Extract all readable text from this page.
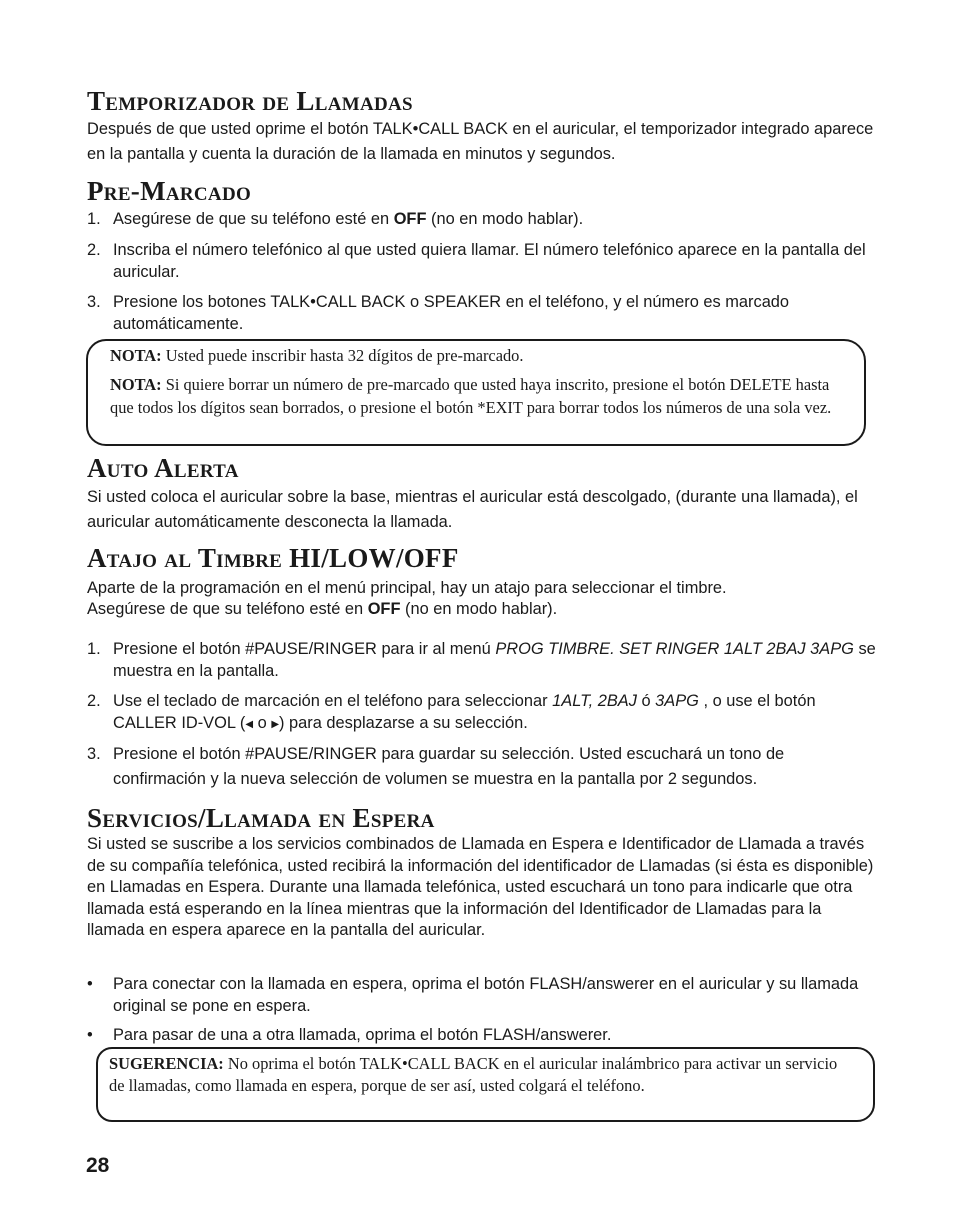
Temporizador de Llamadas

Después de que usted oprime el botón TALK•CALL BACK en el auricular, el temporizador integrado aparece en la pantalla y cuenta la duración de la llamada en minutos y segundos.

Pre-Marcado
1. Asegúrese de que su teléfono esté en OFF (no en modo hablar).
2. Inscriba el número telefónico al que usted quiera llamar. El número telefónico aparece en la pantalla del auricular.
3. Presione los botones TALK•CALL BACK o SPEAKER en el teléfono, y el número es marcado automáticamente.

NOTA: Usted puede inscribir hasta 32 dígitos de pre-marcado.

NOTA: Si quiere borrar un número de pre-marcado que usted haya inscrito, presione el botón DELETE hasta que todos los dígitos sean borrados, o presione el botón *EXIT para borrar todos los números de una sola vez.

Auto Alerta

Si usted coloca el auricular sobre la base, mientras el auricular está descolgado, (durante una llamada), el auricular automáticamente desconecta la llamada.

Atajo al Timbre HI/LOW/OFF

Aparte de la programación en el menú principal, hay un atajo para seleccionar el timbre.

Asegúrese de que su teléfono esté en OFF (no en modo hablar).

1. Presione el botón #PAUSE/RINGER para ir al menú PROG TIMBRE. SET RINGER 1ALT 2BAJ 3APG se muestra en la pantalla.
2. Use el teclado de marcación en el teléfono para seleccionar 1ALT, 2BAJ ó 3APG , o use el botón CALLER ID-VOL (◀ o ▶) para desplazarse a su selección.
3. Presione el botón #PAUSE/RINGER para guardar su selección. Usted escuchará un tono de confirmación y la nueva selección de volumen se muestra en la pantalla por 2 segundos.
Servicios/Llamada en Espera

Si usted se suscribe a los servicios combinados de Llamada en Espera e Identificador de Llamada a través de su compañía telefónica, usted recibirá la información del identificador de Llamadas (si ésta es disponible) en Llamadas en Espera. Durante una llamada telefónica, usted escuchará un tono para indicarle que otra llamada está esperando en la línea mientras que la información del Identificador de Llamadas para la llamada en espera aparece en la pantalla del auricular.

• Para conectar con la llamada en espera, oprima el botón FLASH/answerer en el auricular y su llamada original se pone en espera.
• Para pasar de una a otra llamada, oprima el botón FLASH/answerer.

SUGERENCIA: No oprima el botón TALK•CALL BACK en el auricular inalámbrico para activar un servicio de llamadas, como llamada en espera, porque de ser así, usted colgará el teléfono.

28
